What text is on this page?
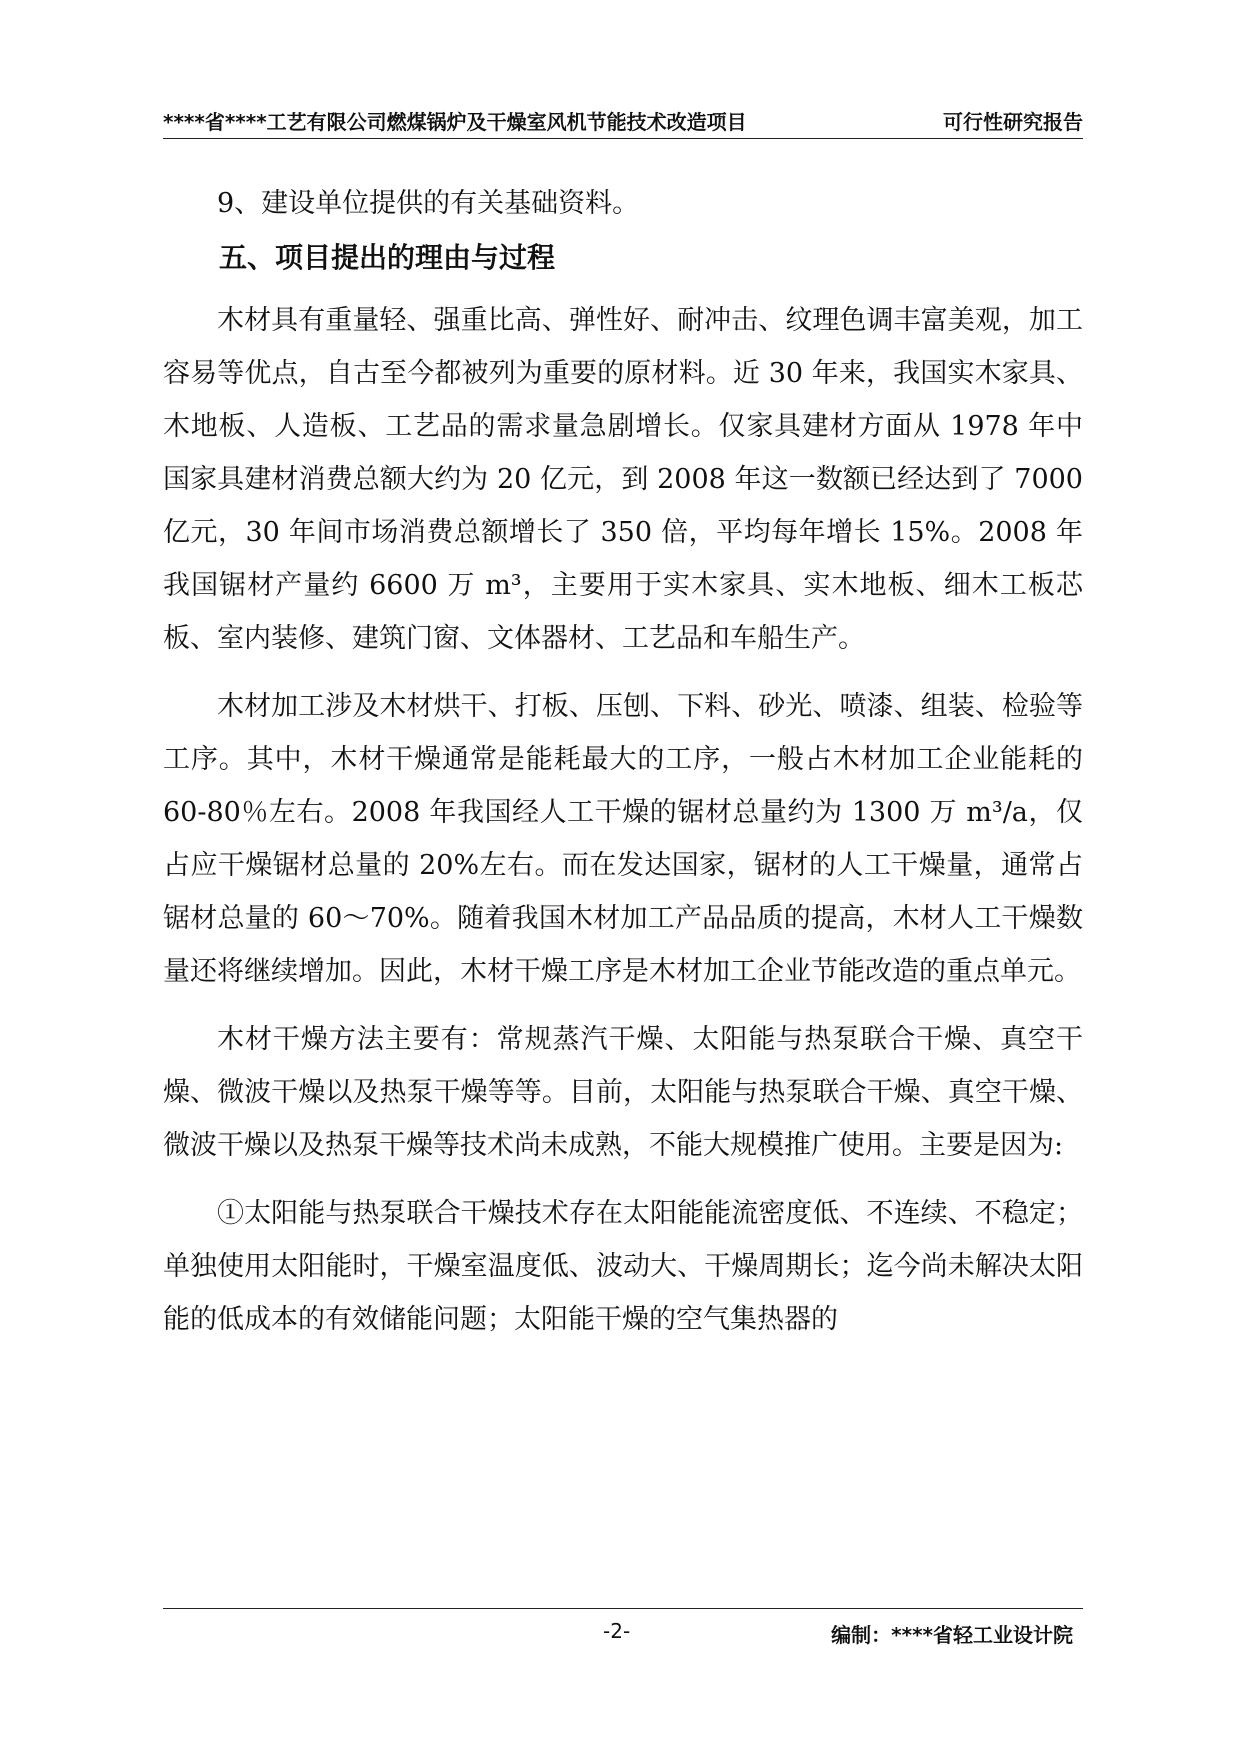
****省****工艺有限公司燃煤锅炉及干燥室风机节能技术改造项目	可行性研究报告

9、建设单位提供的有关基础资料。

五、项目提出的理由与过程

木材具有重量轻、强重比高、弹性好、耐冲击、纹理色调丰富美观，加工容易等优点，自古至今都被列为重要的原材料。近 30 年来，我国实木家具、木地板、人造板、工艺品的需求量急剧增长。仅家具建材方面从 1978 年中国家具建材消费总额大约为 20 亿元，到 2008 年这一数额已经达到了 7000 亿元，30 年间市场消费总额增长了 350 倍，平均每年增长 15%。2008 年我国锯材产量约 6600 万 m³，主要用于实木家具、实木地板、细木工板芯板、室内装修、建筑门窗、文体器材、工艺品和车船生产。

木材加工涉及木材烘干、打板、压刨、下料、砂光、喷漆、组装、检验等工序。其中，木材干燥通常是能耗最大的工序，一般占木材加工企业能耗的 60-80％左右。2008 年我国经人工干燥的锯材总量约为 1300 万 m³/a，仅占应干燥锯材总量的 20%左右。而在发达国家，锯材的人工干燥量，通常占锯材总量的 60～70%。随着我国木材加工产品品质的提高，木材人工干燥数量还将继续增加。因此，木材干燥工序是木材加工企业节能改造的重点单元。

木材干燥方法主要有：常规蒸汽干燥、太阳能与热泵联合干燥、真空干燥、微波干燥以及热泵干燥等等。目前，太阳能与热泵联合干燥、真空干燥、微波干燥以及热泵干燥等技术尚未成熟，不能大规模推广使用。主要是因为:

①太阳能与热泵联合干燥技术存在太阳能能流密度低、不连续、不稳定；单独使用太阳能时，干燥室温度低、波动大、干燥周期长；迄今尚未解决太阳能的低成本的有效储能问题；太阳能干燥的空气集热器的

-2-	编制：****省轻工业设计院
